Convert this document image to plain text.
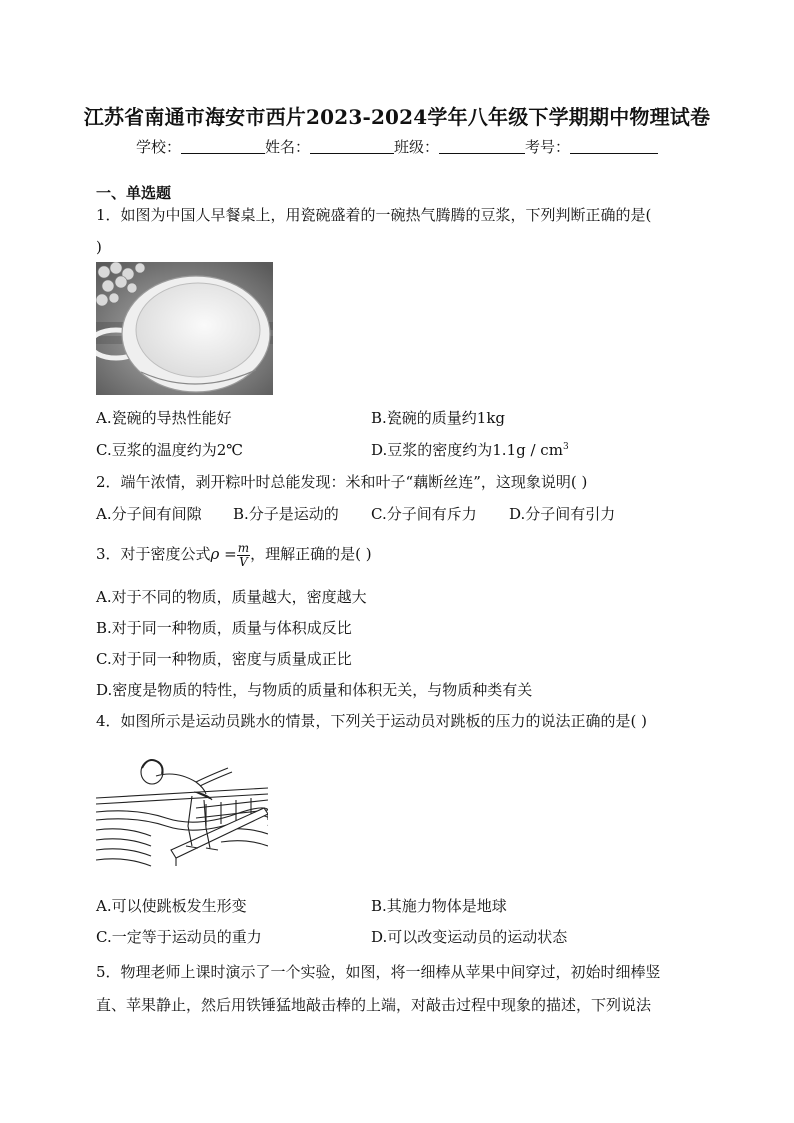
江苏省南通市海安市西片2023-2024学年八年级下学期期中物理试卷
学校：	姓名：	班级：	考号：
一、单选题
1．如图为中国人早餐桌上，用瓷碗盛着的一碗热气腾腾的豆浆，下列判断正确的是(
)
A.瓷碗的导热性能好	B.瓷碗的质量约1kg
C.豆浆的温度约为2℃	D.豆浆的密度约为$1.1g / cm^3$
2．端午浓情，剥开粽叶时总能发现：米和叶子“藕断丝连”，这现象说明( )
A.分子间有间隙 B.分子是运动的 C.分子间有斥力 D.分子间有引力
3．对于密度公式$\rho = \frac{m}{V}$ ，理解正确的是( )
A.对于不同的物质，质量越大，密度越大
B.对于同一种物质，质量与体积成反比
C.对于同一种物质，密度与质量成正比
D.密度是物质的特性，与物质的质量和体积无关，与物质种类有关
4．如图所示是运动员跳水的情景，下列关于运动员对跳板的压力的说法正确的是( )
A.可以使跳板发生形变	B.其施力物体是地球
C.一定等于运动员的重力	D.可以改变运动员的运动状态
5．物理老师上课时演示了一个实验，如图，将一细棒从苹果中间穿过，初始时细棒竖
直、苹果静止，然后用铁锤猛地敲击棒的上端，对敲击过程中现象的描述，下列说法
